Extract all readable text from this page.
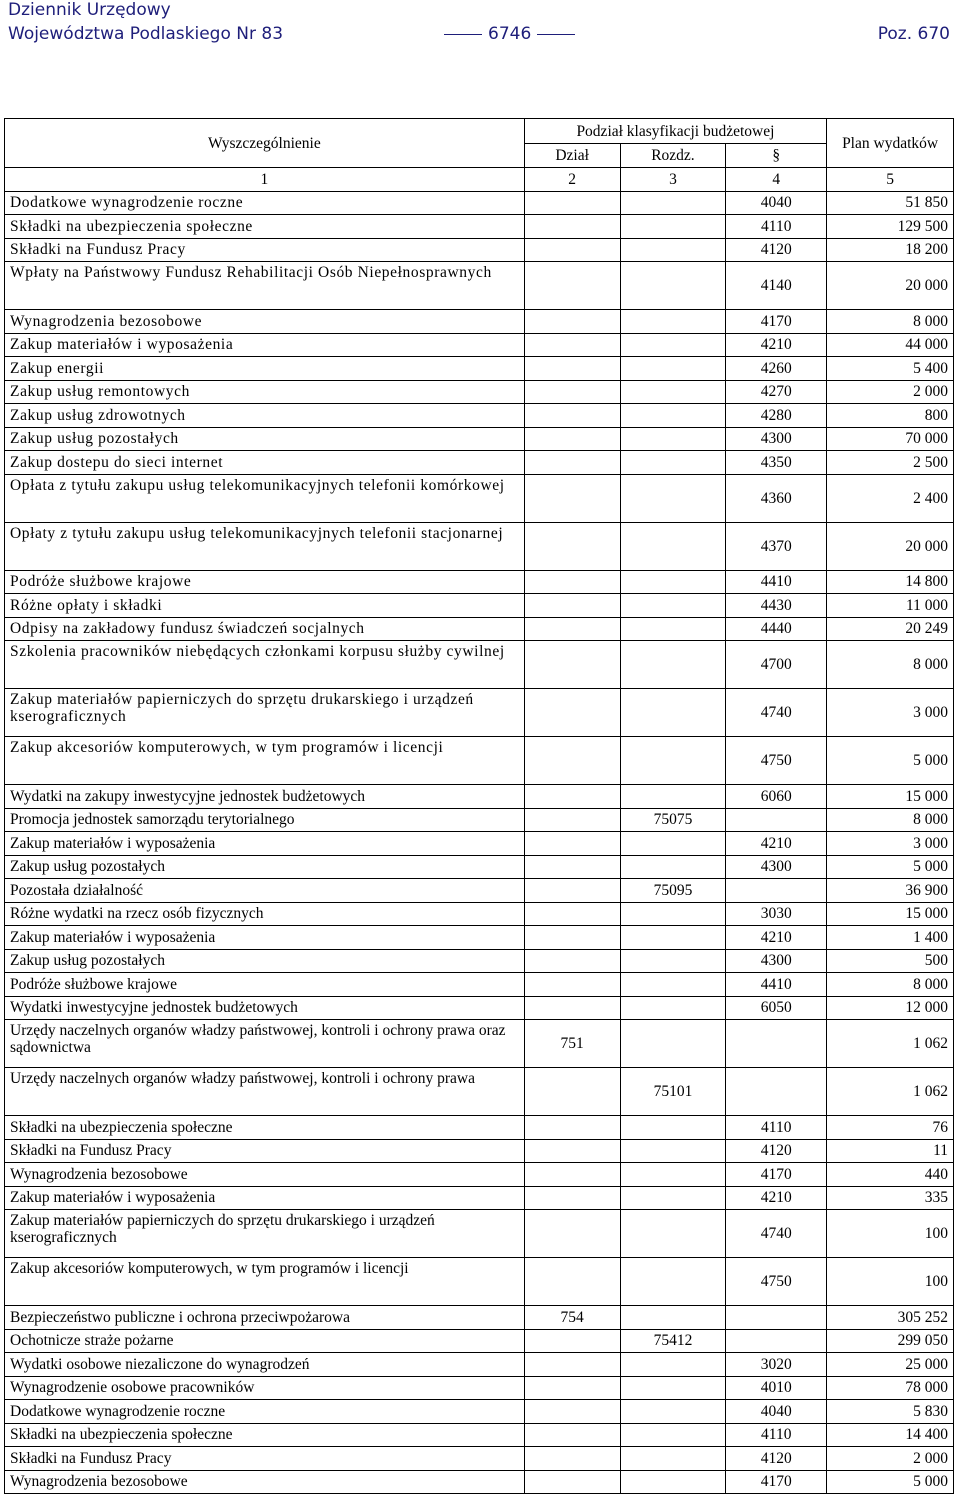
Dziennik Urzędowy
Województwa Podlaskiego Nr 83	6746	Poz. 670
Wyszczególnienie	Podział klasyfikacji budżetowej			Plan wydatków
	Dział	Rozdz.	§	
1	2	3	4	5
Dodatkowe wynagrodzenie roczne			4040	51 850
Składki na ubezpieczenia społeczne			4110	129 500
Składki na Fundusz Pracy			4120	18 200
Wpłaty na Państwowy Fundusz Rehabilitacji Osób Niepełnosprawnych			4140	20 000
Wynagrodzenia bezosobowe			4170	8 000
Zakup materiałów i wyposażenia			4210	44 000
Zakup energii			4260	5 400
Zakup usług remontowych			4270	2 000
Zakup usług zdrowotnych			4280	800
Zakup usług pozostałych			4300	70 000
Zakup dostepu do sieci internet			4350	2 500
Opłata z tytułu zakupu usług telekomunikacyjnych telefonii komórkowej			4360	2 400
Opłaty z tytułu zakupu usług telekomunikacyjnych telefonii stacjonarnej			4370	20 000
Podróże służbowe krajowe			4410	14 800
Różne opłaty i składki			4430	11 000
Odpisy na zakładowy fundusz świadczeń socjalnych			4440	20 249
Szkolenia pracowników niebędących członkami korpusu służby cywilnej			4700	8 000
Zakup materiałów papierniczych do sprzętu drukarskiego i urządzeń kserograficznych			4740	3 000
Zakup akcesoriów komputerowych, w tym programów i licencji			4750	5 000
Wydatki na zakupy inwestycyjne jednostek budżetowych			6060	15 000
Promocja jednostek samorządu terytorialnego		75075		8 000
Zakup materiałów i wyposażenia			4210	3 000
Zakup usług pozostałych			4300	5 000
Pozostała działalność		75095		36 900
Różne wydatki na rzecz osób fizycznych			3030	15 000
Zakup materiałów i wyposażenia			4210	1 400
Zakup usług pozostałych			4300	500
Podróże służbowe krajowe			4410	8 000
Wydatki inwestycyjne jednostek budżetowych			6050	12 000
Urzędy naczelnych organów władzy państwowej, kontroli i ochrony prawa oraz sądownictwa	751			1 062
Urzędy naczelnych organów władzy państwowej, kontroli i ochrony prawa		75101		1 062
Składki na ubezpieczenia społeczne			4110	76
Składki na Fundusz Pracy			4120	11
Wynagrodzenia bezosobowe			4170	440
Zakup materiałów i wyposażenia			4210	335
Zakup materiałów papierniczych do sprzętu drukarskiego i urządzeń kserograficznych			4740	100
Zakup akcesoriów komputerowych, w tym programów i licencji			4750	100
Bezpieczeństwo publiczne i ochrona przeciwpożarowa	754			305 252
Ochotnicze straże pożarne		75412		299 050
Wydatki osobowe niezaliczone do wynagrodzeń			3020	25 000
Wynagrodzenie osobowe pracowników			4010	78 000
Dodatkowe wynagrodzenie roczne			4040	5 830
Składki na ubezpieczenia społeczne			4110	14 400
Składki na Fundusz Pracy			4120	2 000
Wynagrodzenia bezosobowe			4170	5 000
